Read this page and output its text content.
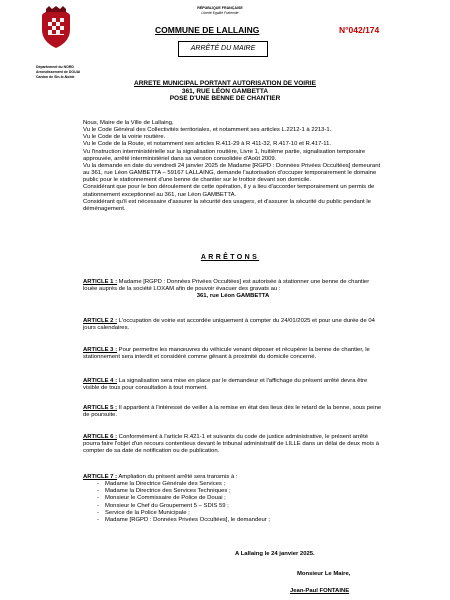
RÉPUBLIQUE FRANÇAISE
Liberté Egalité Fraternité
COMMUNE DE LALLAING	N°042/174
ARRÊTÉ DU MAIRE
Département du NORD
Arrondissement de DOUAI
Canton de Sin-le-Noble
ARRETE MUNICIPAL PORTANT AUTORISATION DE VOIRIE
361, RUE LÉON GAMBETTA
POSE D'UNE BENNE DE CHANTIER

Nous, Maire de la Ville de Lallaing,

Vu le Code Général des Collectivités territoriales, et notamment ses articles L.2212-1 à 2213-1.

Vu le Code de la voirie routière.

Vu le Code de la Route, et notamment ses articles R.411-29 à R 411-32, R.417-10 et R.417-11.

Vu l'instruction interministérielle sur la signalisation routière, Livre 1, huitième partie, signalisation temporaire approuvée, arrêté interministériel dans sa version consolidée d'Août 2009.

Vu la demande en date du vendredi 24 janvier 2025 de Madame [RGPD : Données Privées Occultées] demeurant au 361, rue Léon GAMBETTA – 59167 LALLAING, demande l'autorisation d'occuper temporairement le domaine public pour le stationnement d'une benne de chantier sur le trottoir devant son domicile.

Considérant que pour le bon déroulement de cette opération, il y a lieu d'accorder temporairement un permis de stationnement exceptionnel au 361, rue Léon GAMBETTA.

Considérant qu'il est nécessaire d'assurer la sécurité des usagers, et d'assurer la sécurité du public pendant le déménagement.

ARRÊTONS

ARTICLE 1 : Madame [RGPD : Données Privées Occultées] est autorisée à stationner une benne de chantier louée auprès de la société LOXAM afin de pouvoir évacuer des gravats au :

361, rue Léon GAMBETTA

ARTICLE 2 : L'occupation de voirie est accordée uniquement à compter du 24/01/2025 et pour une durée de 04 jours calendaires.

ARTICLE 3 : Pour permettre les manœuvres du véhicule venant déposer et récupérer la benne de chantier, le stationnement sera interdit et considéré comme gênant à proximité du domicile concerné.

ARTICLE 4 : La signalisation sera mise en place par le demandeur et l'affichage du présent arrêté devra être visible de tous pour consultation à tout moment.

ARTICLE 5 : Il appartient à l'intéressé de veiller à la remise en état des lieux dès le retard de la benne, sous peine de poursuite.

ARTICLE 6 : Conformément à l'article R.421-1 et suivants du code de justice administrative, le présent arrêté pourra faire l'objet d'un recours contentieux devant le tribunal administratif de LILLE dans un délai de deux mois à compter de sa date de notification ou de publication.

ARTICLE 7 : Ampliation du présent arrêté sera transmis à :

- Madame la Directrice Générale des Services ;
- Madame la Directrice des Services Techniques ;
- Monsieur le Commissaire de Police de Douai ;
- Monsieur le Chef du Groupement 5 – SDIS 59 ;
- Service de la Police Municipale ;
- Madame [RGPD : Données Privées Occultées], le demandeur ;
A Lallaing le 24 janvier 2025.
Monsieur Le Maire,
Jean-Paul FONTAINE
